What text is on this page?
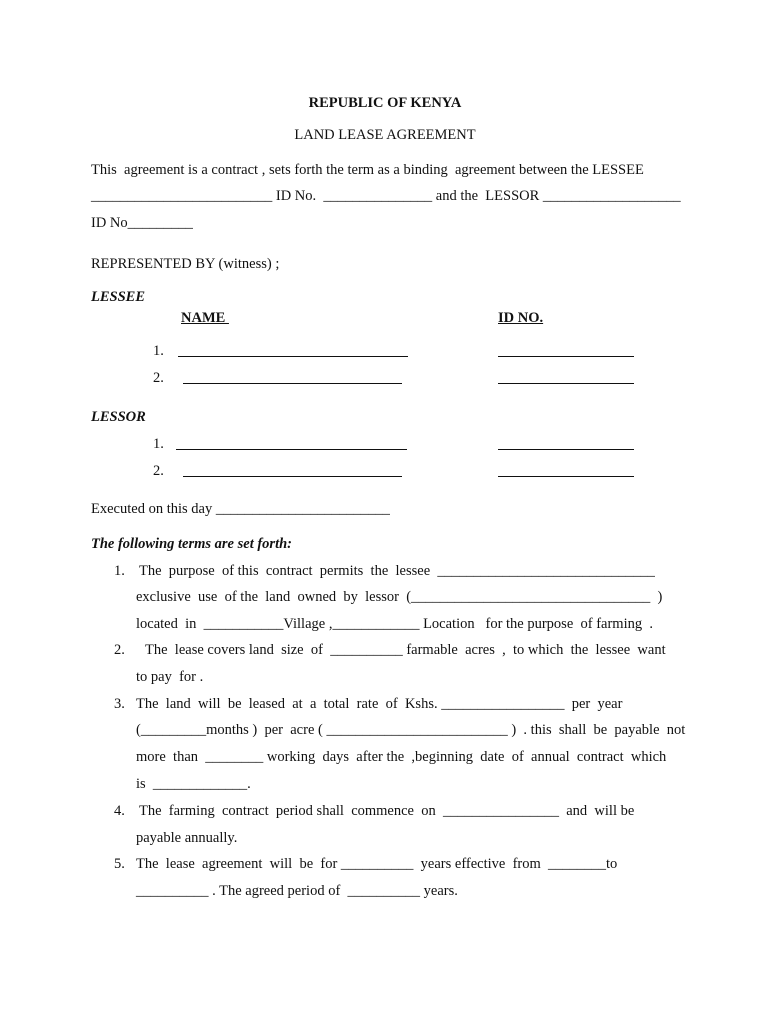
REPUBLIC OF KENYA
LAND LEASE AGREEMENT
This  agreement is a contract , sets forth the term as a binding  agreement between the LESSEE
_________________________ ID No.  _______________ and the  LESSOR ___________________
ID No_________
REPRESENTED BY (witness) ;
LESSEE
NAME	ID NO.
1.
2.
LESSOR
1.
2.
Executed on this day ________________________
The following terms are set forth:
1. The  purpose  of this  contract  permits  the  lessee  ______________________________
exclusive  use  of the  land  owned  by  lessor  (_________________________________  )
located  in  ___________Village ,____________ Location   for the purpose  of farming  .
2. The  lease covers land  size  of  __________ farmable  acres  ,  to which  the  lessee  want
to pay  for .
3. The  land  will  be  leased  at  a  total  rate  of  Kshs. _________________  per  year
(_________months )  per  acre ( _________________________ )  . this  shall  be  payable  not
more  than  ________ working  days  after the  ,beginning  date  of  annual  contract  which
is  _____________.
4. The  farming  contract  period shall  commence  on  ________________  and  will be
payable annually.
5. The  lease  agreement  will  be  for __________  years effective  from  ________to
__________ . The agreed period of  __________ years.
